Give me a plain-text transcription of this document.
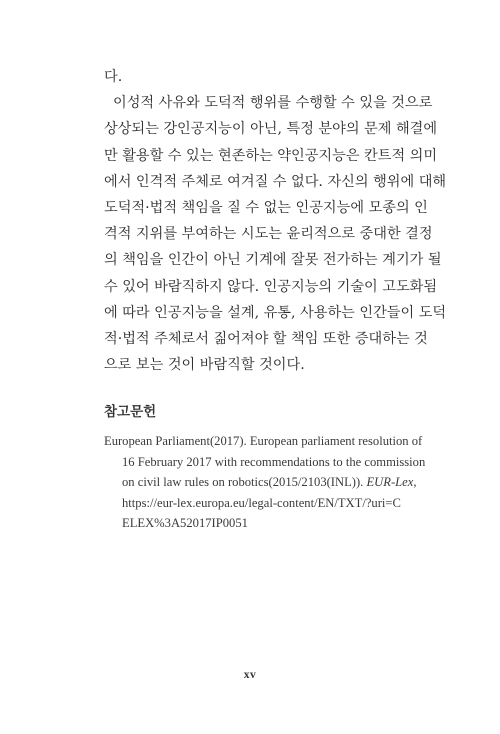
다.
이성적 사유와 도덕적 행위를 수행할 수 있을 것으로
상상되는 강인공지능이 아닌, 특정 분야의 문제 해결에
만 활용할 수 있는 현존하는 약인공지능은 칸트적 의미
에서 인격적 주체로 여겨질 수 없다. 자신의 행위에 대해
도덕적·법적 책임을 질 수 없는 인공지능에 모종의 인
격적 지위를 부여하는 시도는 윤리적으로 중대한 결정
의 책임을 인간이 아닌 기계에 잘못 전가하는 계기가 될
수 있어 바람직하지 않다. 인공지능의 기술이 고도화됨
에 따라 인공지능을 설계, 유통, 사용하는 인간들이 도덕
적·법적 주체로서 짊어져야 할 책임 또한 증대하는 것
으로 보는 것이 바람직할 것이다.
참고문헌
European Parliament(2017). European parliament resolution of
16 February 2017 with recommendations to the commission
on civil law rules on robotics(2015/2103(INL)). EUR-Lex,
https://eur-lex.europa.eu/legal-content/EN/TXT/?uri=C
ELEX%3A52017IP0051
xv
